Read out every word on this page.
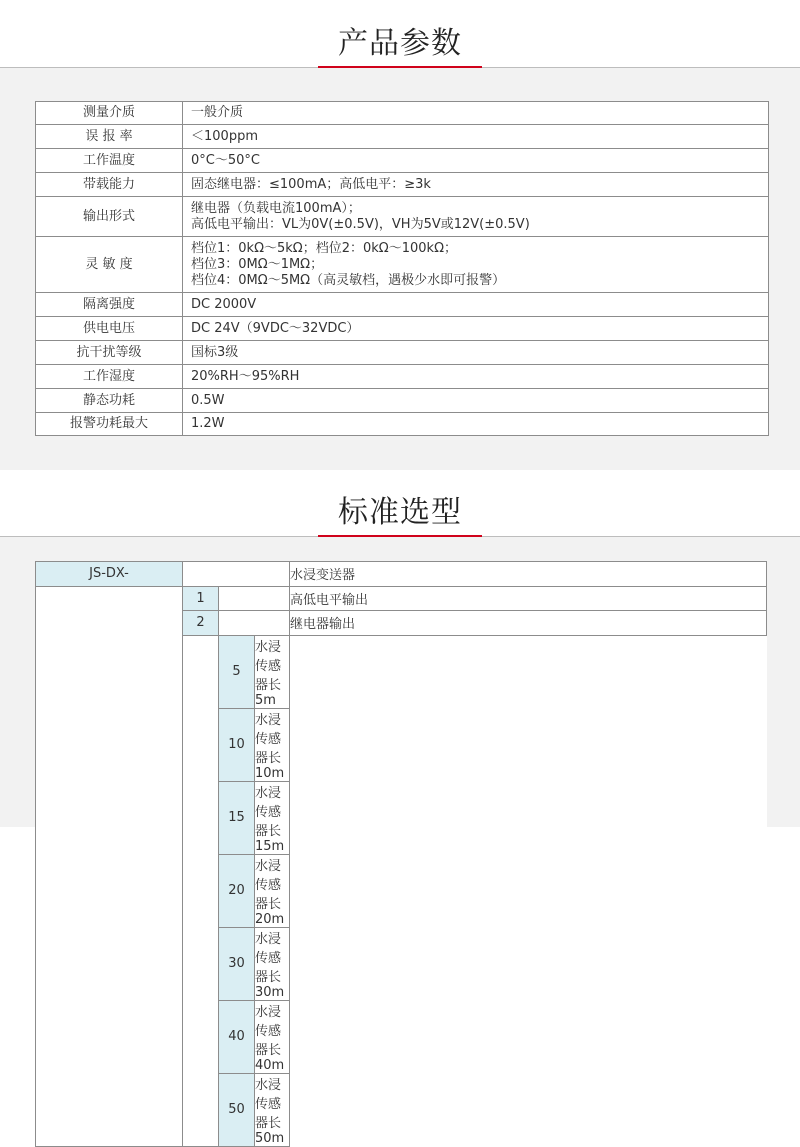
产品参数
测量介质	一般介质

误 报 率	＜100ppm

工作温度	0°C～50°C

带载能力	固态继电器：≤100mA；高低电平：≥3k

输出形式	继电器（负载电流100mA）；
高低电平输出：VL为0V(±0.5V)，VH为5V或12V(±0.5V)

灵 敏 度	档位1：0kΩ～5kΩ；档位2：0kΩ～100kΩ；
档位3：0MΩ～1MΩ；
档位4：0MΩ～5MΩ（高灵敏档，遇极少水即可报警）

隔离强度	DC 2000V

供电电压	DC 24V（9VDC～32VDC）

抗干扰等级	国标3级

工作湿度	20%RH～95%RH

静态功耗	0.5W

报警功耗最大	1.2W
标准选型
JS-DX-				水浸变送器
	1			高低电平输出
	2			继电器输出
		5	水浸传感器长5m	
		10	水浸传感器长10m	
		15	水浸传感器长15m	
		20	水浸传感器长20m	
		30	水浸传感器长30m	
		40	水浸传感器长40m	
		50	水浸传感器长50m	
